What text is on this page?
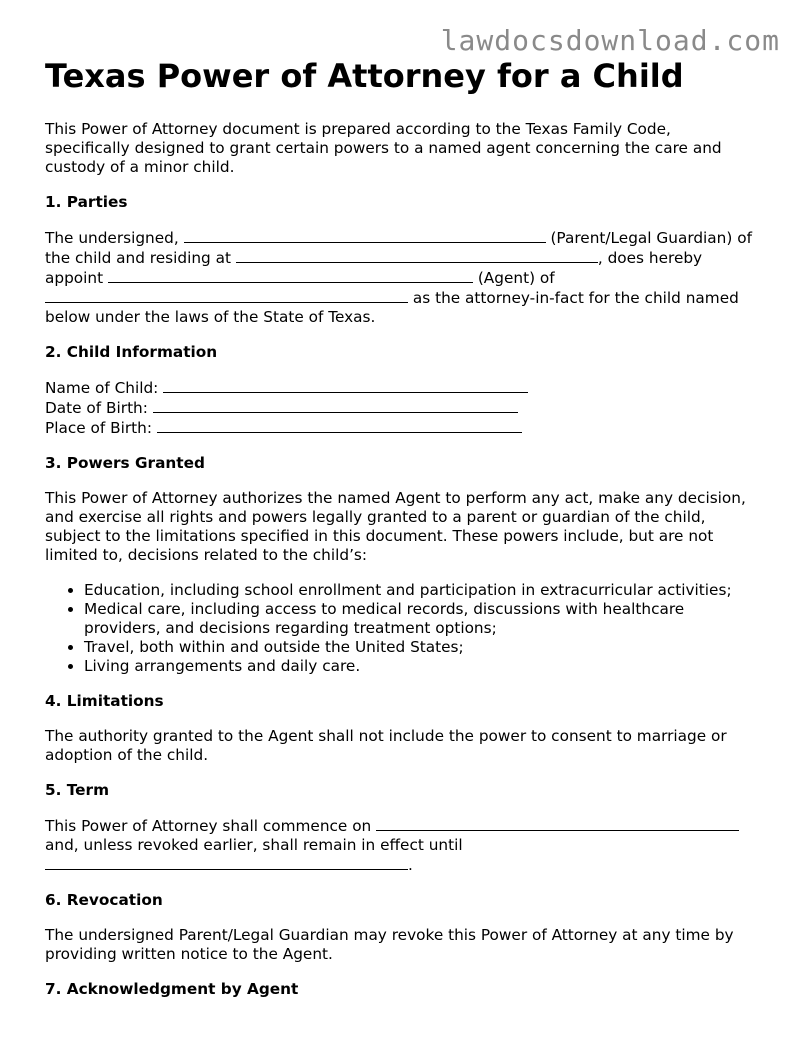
lawdocsdownload.com
Texas Power of Attorney for a Child

This Power of Attorney document is prepared according to the Texas Family Code, specifically designed to grant certain powers to a named agent concerning the care and custody of a minor child.

1. Parties

The undersigned,	(Parent/Legal Guardian) of the child and residing at	, does hereby appoint	(Agent) of  as the attorney-in-fact for the child named below under the laws of the State of Texas.

2. Child Information

Name of Child:

Date of Birth:

Place of Birth:

3. Powers Granted

This Power of Attorney authorizes the named Agent to perform any act, make any decision, and exercise all rights and powers legally granted to a parent or guardian of the child, subject to the limitations specified in this document. These powers include, but are not limited to, decisions related to the child’s:

• Education, including school enrollment and participation in extracurricular activities;
• Medical care, including access to medical records, discussions with healthcare providers, and decisions regarding treatment options;
• Travel, both within and outside the United States;
• Living arrangements and daily care.
4. Limitations

The authority granted to the Agent shall not include the power to consent to marriage or adoption of the child.

5. Term

This Power of Attorney shall commence on  and, unless revoked earlier, shall remain in effect until .

6. Revocation

The undersigned Parent/Legal Guardian may revoke this Power of Attorney at any time by providing written notice to the Agent.

7. Acknowledgment by Agent
